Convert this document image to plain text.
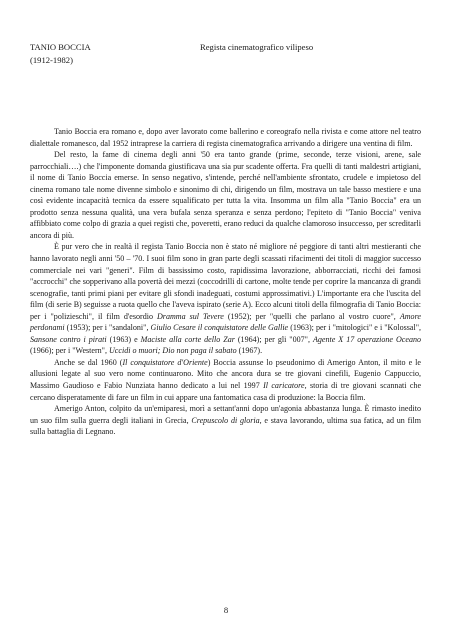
TANIO BOCCIA
(1912-1982)
Regista cinematografico vilipeso

Tanio Boccia era romano e, dopo aver lavorato come ballerino e coreografo nella rivista e come attore nel teatro dialettale romanesco, dal 1952 intraprese la carriera di regista cinematografica arrivando a dirigere una ventina di film.

Del resto, la fame di cinema degli anni '50 era tanto grande (prime, seconde, terze visioni, arene, sale parrocchiali….) che l'imponente domanda giustificava una sia pur scadente offerta. Fra quelli di tanti maldestri artigiani, il nome di Tanio Boccia emerse. In senso negativo, s'intende, perché nell'ambiente sfrontato, crudele e impietoso del cinema romano tale nome divenne simbolo e sinonimo di chi, dirigendo un film, mostrava un tale basso mestiere e una così evidente incapacità tecnica da essere squalificato per tutta la vita. Insomma un film alla "Tanio Boccia" era un prodotto senza nessuna qualità, una vera bufala senza speranza e senza perdono; l'epiteto di "Tanio Boccia" veniva affibbiato come colpo di grazia a quei registi che, poveretti, erano reduci da qualche clamoroso insuccesso, per screditarli ancora di più.

È pur vero che in realtà il regista Tanio Boccia non è stato né migliore né peggiore di tanti altri mestieranti che hanno lavorato negli anni '50 – '70. I suoi film sono in gran parte degli scassati rifacimenti dei titoli di maggior successo commerciale nei vari "generi". Film di bassissimo costo, rapidissima lavorazione, abborracciati, ricchi dei famosi "accrocchi" che sopperivano alla povertà dei mezzi (coccodrilli di cartone, molte tende per coprire la mancanza di grandi scenografie, tanti primi piani per evitare gli sfondi inadeguati, costumi approssimativi.) L'importante era che l'uscita del film (di serie B) seguisse a ruota quello che l'aveva ispirato (serie A). Ecco alcuni titoli della filmografia di Tanio Boccia: per i "polizieschi", il film d'esordio Dramma sul Tevere (1952); per "quelli che parlano al vostro cuore", Amore perdonami (1953); per i "sandaloni", Giulio Cesare il conquistatore delle Gallie (1963); per i "mitologici" e i "Kolossal", Sansone contro i pirati (1963) e Maciste alla corte dello Zar (1964); per gli "007", Agente X 17 operazione Oceano (1966); per i "Western", Uccidi o muori; Dio non paga il sabato (1967).

Anche se dal 1960 (Il conquistatore d'Oriente) Boccia assunse lo pseudonimo di Amerigo Anton, il mito e le allusioni legate al suo vero nome continuarono. Mito che ancora dura se tre giovani cinefili, Eugenio Cappuccio, Massimo Gaudioso e Fabio Nunziata hanno dedicato a lui nel 1997 Il caricatore, storia di tre giovani scannati che cercano disperatamente di fare un film in cui appare una fantomatica casa di produzione: la Boccia film.

Amerigo Anton, colpito da un'emiparesi, morì a settant'anni dopo un'agonia abbastanza lunga. È rimasto inedito un suo film sulla guerra degli italiani in Grecia, Crepuscolo di gloria, e stava lavorando, ultima sua fatica, ad un film sulla battaglia di Legnano.

8
